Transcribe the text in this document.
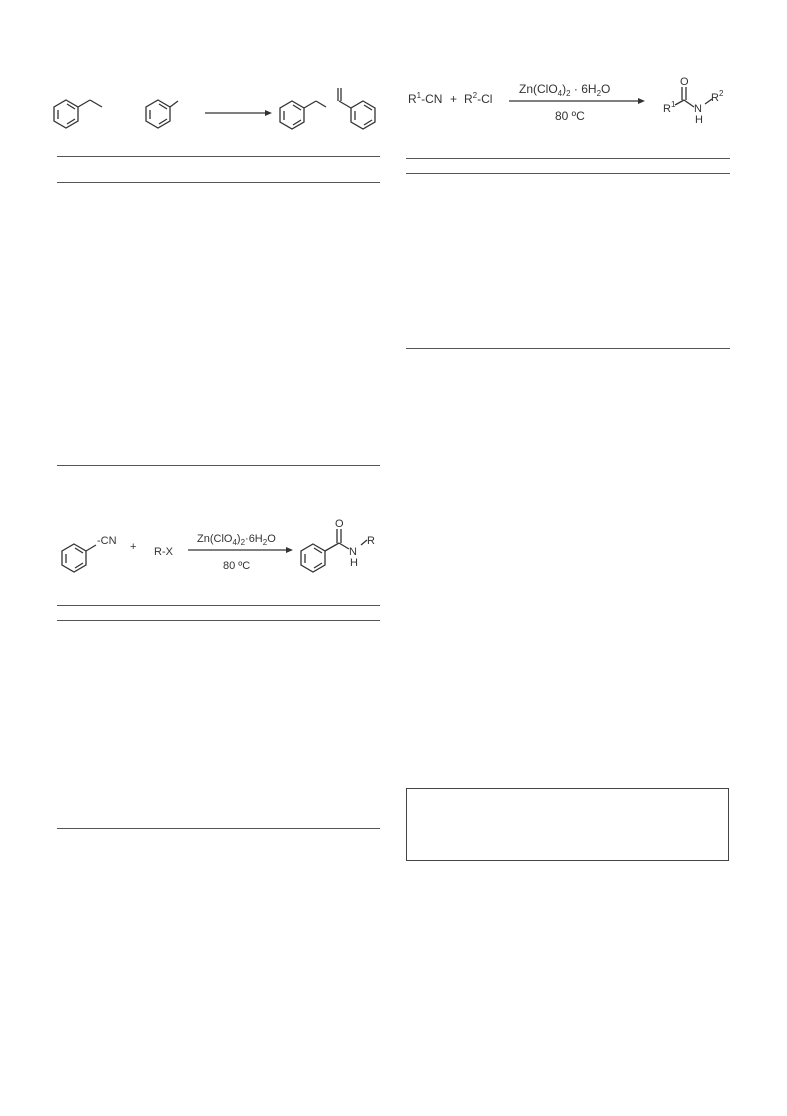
-CN + R-X
$Zn(ClO_4)_2\cdot 6H_2O$
80 ºC
O
N
H
R
$R^1-CN + R^2-Cl$
$Zn(ClO_4)_2 \cdot 6H_2O$
80 ºC	$R^1$
O
N
H
$R^2$
